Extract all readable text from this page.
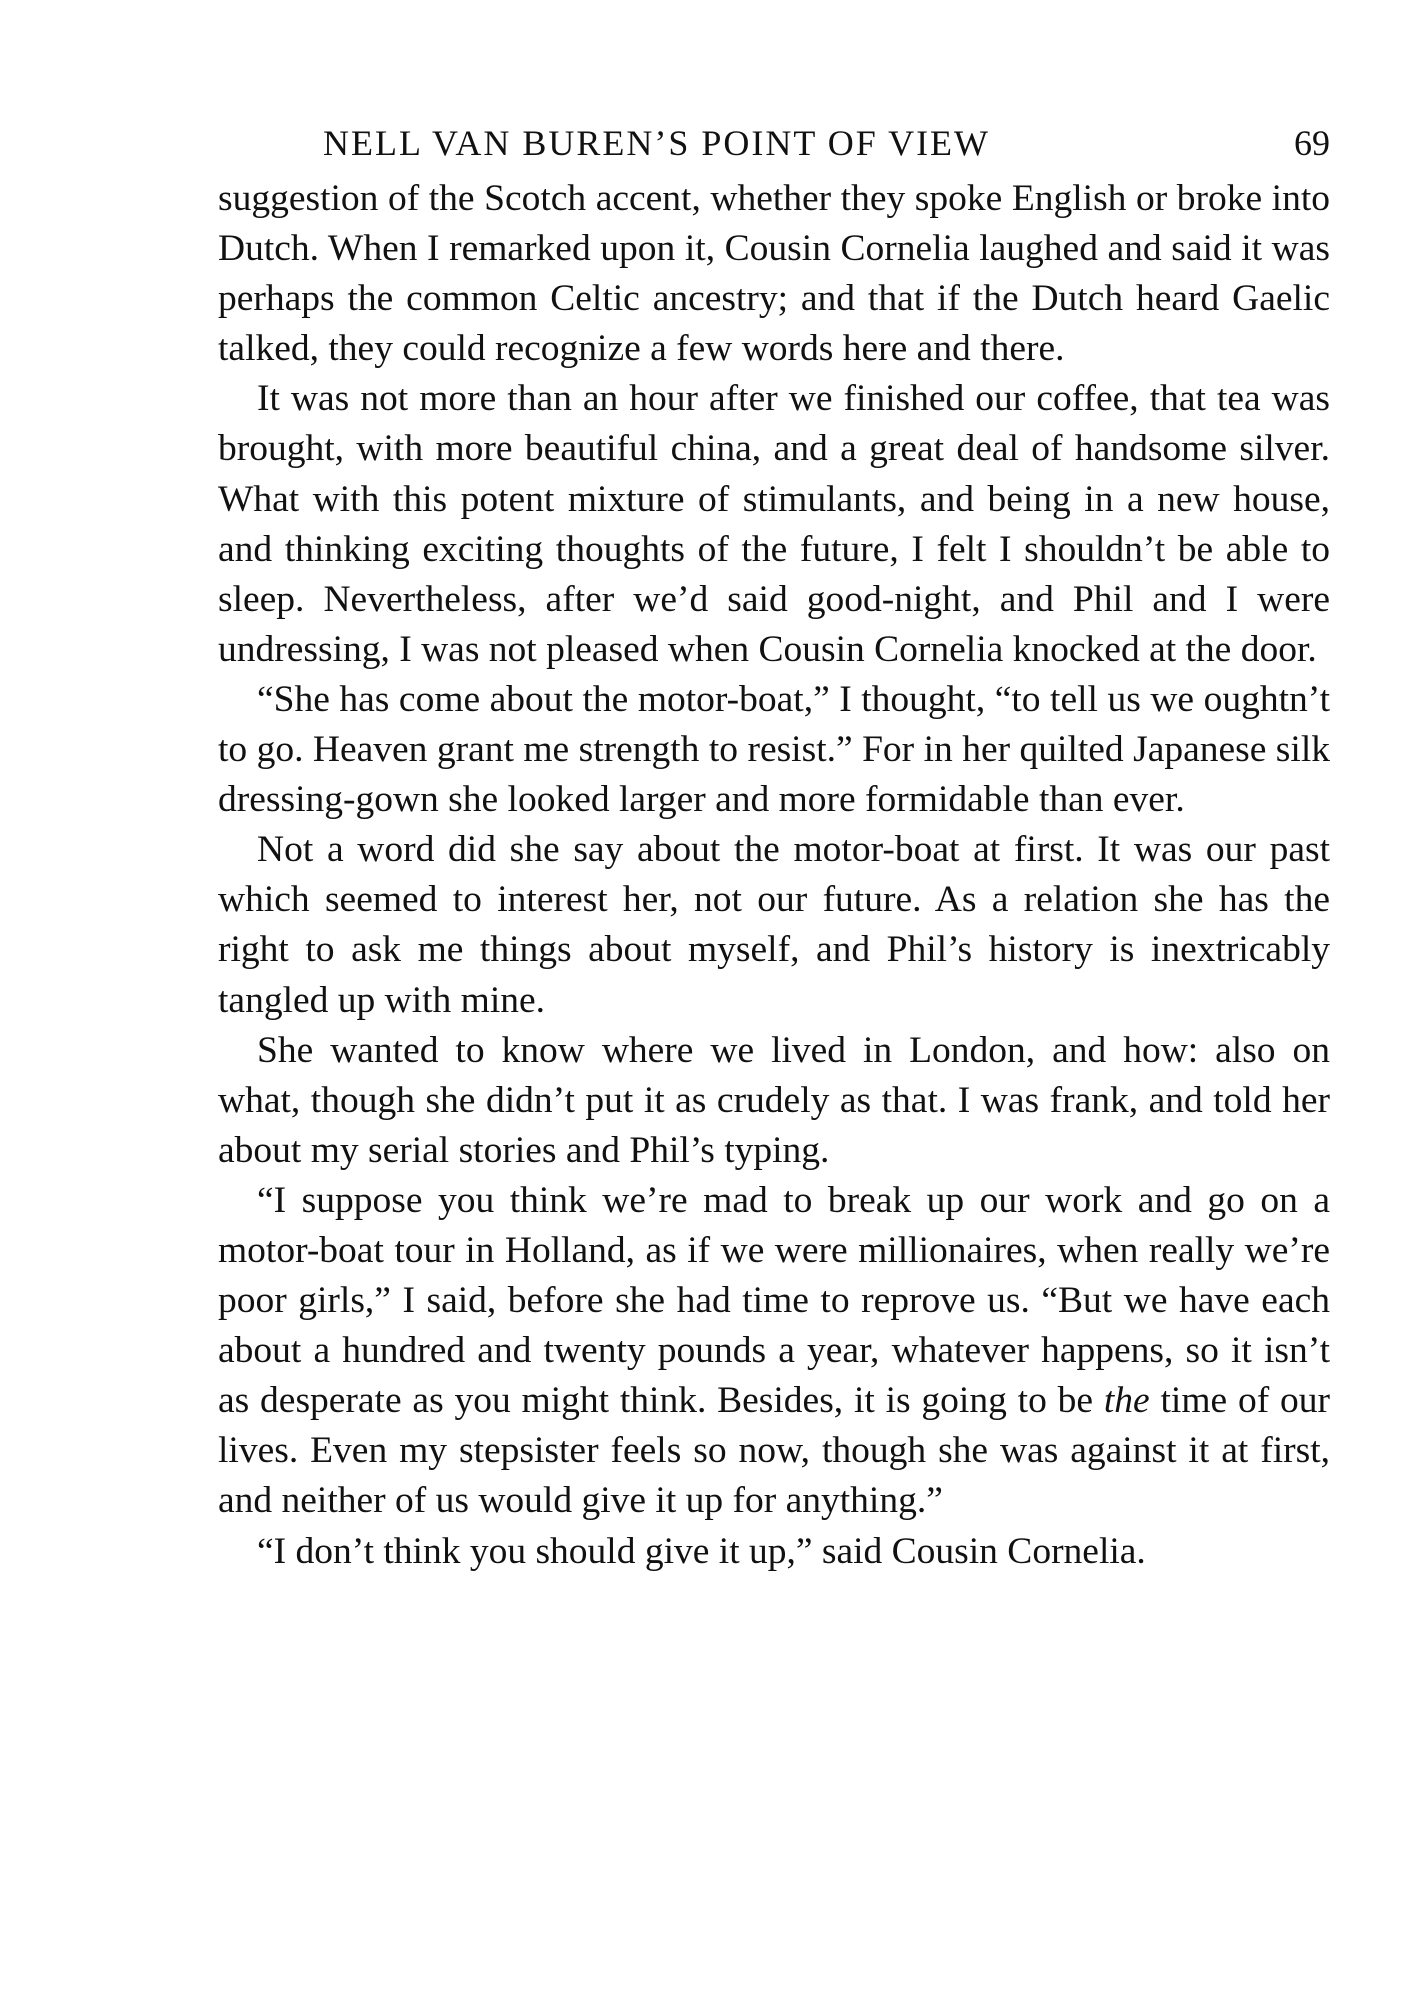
NELL VAN BUREN’S POINT OF VIEW	69

suggestion of the Scotch accent, whether they spoke English or broke into Dutch. When I remarked upon it, Cousin Cornelia laughed and said it was perhaps the common Celtic ancestry; and that if the Dutch heard Gaelic talked, they could recognize a few words here and there.

It was not more than an hour after we finished our coffee, that tea was brought, with more beautiful china, and a great deal of handsome silver. What with this potent mixture of stimulants, and being in a new house, and thinking exciting thoughts of the future, I felt I shouldn’t be able to sleep. Nevertheless, after we’d said good-night, and Phil and I were undressing, I was not pleased when Cousin Cornelia knocked at the door.

“She has come about the motor-boat,” I thought, “to tell us we oughtn’t to go. Heaven grant me strength to resist.” For in her quilted Japanese silk dressing-gown she looked larger and more formidable than ever.

Not a word did she say about the motor-boat at first. It was our past which seemed to interest her, not our future. As a relation she has the right to ask me things about myself, and Phil’s history is inextricably tangled up with mine.

She wanted to know where we lived in London, and how: also on what, though she didn’t put it as crudely as that. I was frank, and told her about my serial stories and Phil’s typing.

“I suppose you think we’re mad to break up our work and go on a motor-boat tour in Holland, as if we were millionaires, when really we’re poor girls,” I said, before she had time to reprove us. “But we have each about a hundred and twenty pounds a year, whatever happens, so it isn’t as desperate as you might think. Besides, it is going to be the time of our lives. Even my stepsister feels so now, though she was against it at first, and neither of us would give it up for anything.”

“I don’t think you should give it up,” said Cousin Cornelia.
